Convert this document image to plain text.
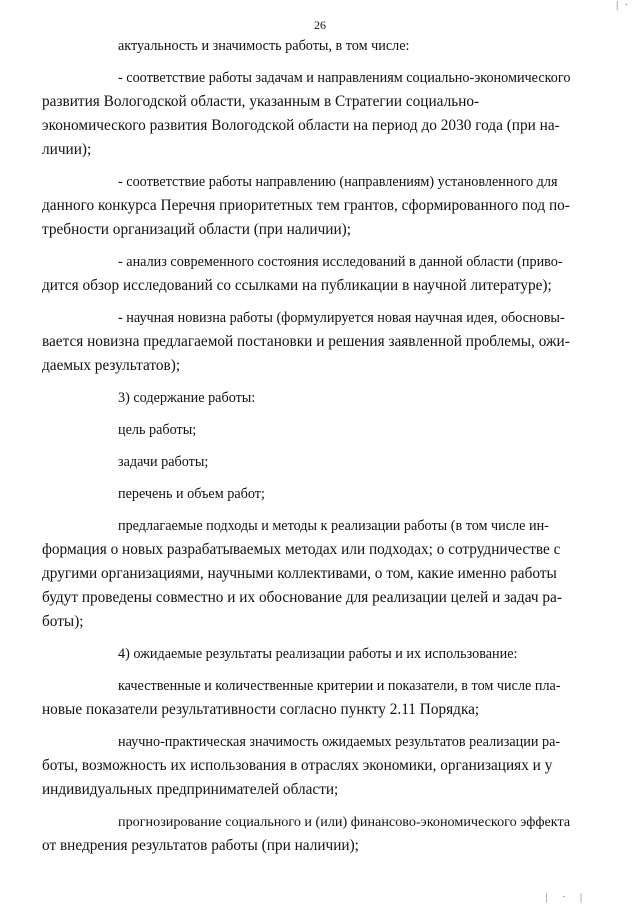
| ·
26

актуальность и значимость работы, в том числе:

- соответствие работы задачам и направлениям социально-экономического
развития Вологодской области, указанным в Стратегии социально-
экономического развития Вологодской области на период до 2030 года (при на-
личии);

- соответствие работы направлению (направлениям) установленного для
данного конкурса Перечня приоритетных тем грантов, сформированного под по-
требности организаций области (при наличии);

- анализ современного состояния исследований в данной области (приво-
дится обзор исследований со ссылками на публикации в научной литературе);

- научная новизна работы (формулируется новая научная идея, обосновы-
вается новизна предлагаемой постановки и решения заявленной проблемы, ожи-
даемых результатов);

3) содержание работы:

цель работы;

задачи работы;

перечень и объем работ;

предлагаемые подходы и методы к реализации работы (в том числе ин-
формация о новых разрабатываемых методах или подходах; о сотрудничестве с
другими организациями, научными коллективами, о том, какие именно работы
будут проведены совместно и их обоснование для реализации целей и задач ра-
боты);

4) ожидаемые результаты реализации работы и их использование:

качественные и количественные критерии и показатели, в том числе пла-
новые показатели результативности согласно пункту 2.11 Порядка;

научно-практическая значимость ожидаемых результатов реализации ра-
боты, возможность их использования в отраслях экономики, организациях и у
индивидуальных предпринимателей области;

прогнозирование социального и (или) финансово-экономического эффекта
от внедрения результатов работы (при наличии);

| · |
